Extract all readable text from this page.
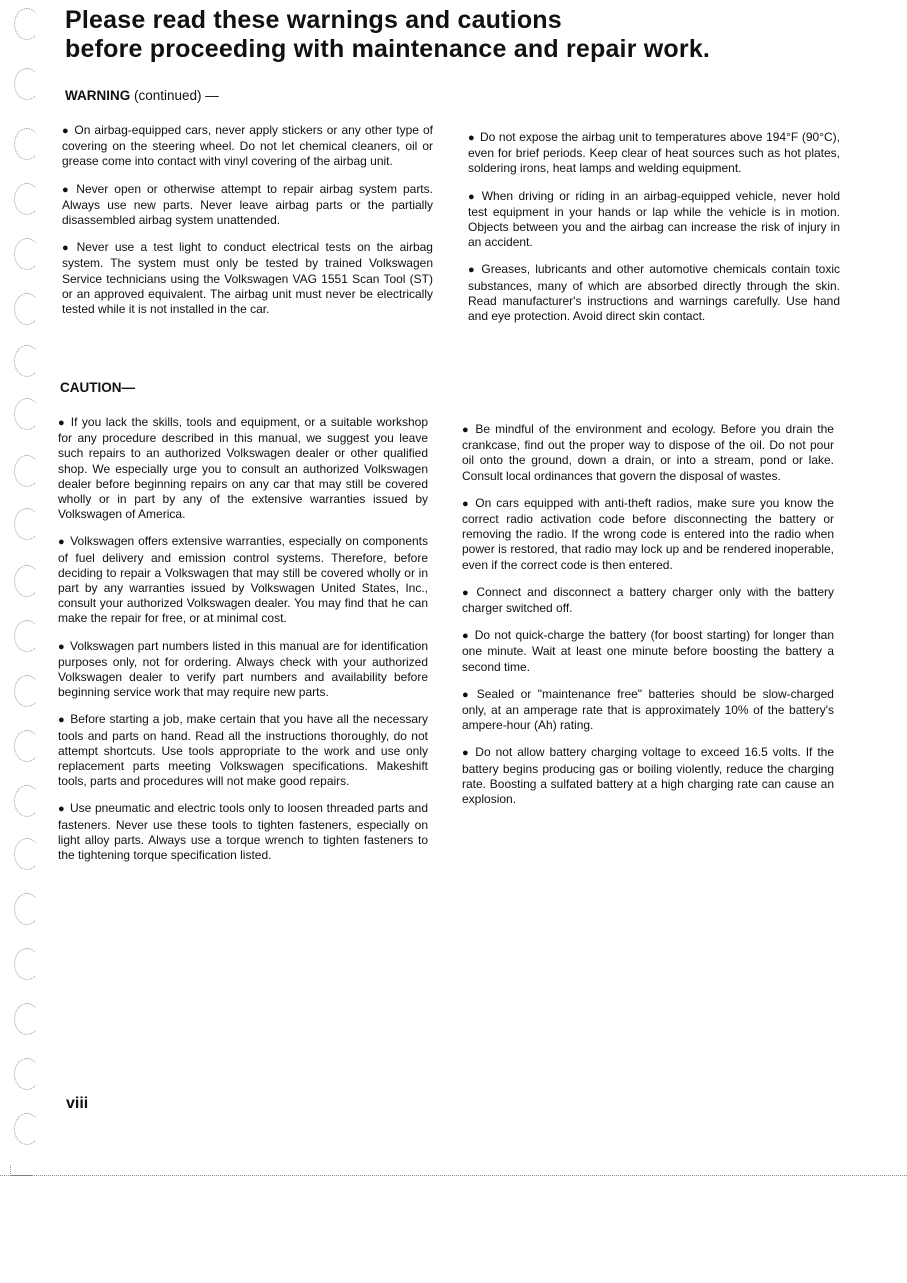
Please read these warnings and cautions
before proceeding with maintenance and repair work.
WARNING (continued) —

● On airbag-equipped cars, never apply stickers or any other type of covering on the steering wheel. Do not let chemical cleaners, oil or grease come into contact with vinyl covering of the airbag unit.

● Never open or otherwise attempt to repair airbag system parts. Always use new parts. Never leave airbag parts or the partially disassembled airbag system unattended.

● Never use a test light to conduct electrical tests on the airbag system. The system must only be tested by trained Volkswagen Service technicians using the Volkswagen VAG 1551 Scan Tool (ST) or an approved equivalent. The airbag unit must never be electrically tested while it is not installed in the car.

● Do not expose the airbag unit to temperatures above 194°F (90°C), even for brief periods. Keep clear of heat sources such as hot plates, soldering irons, heat lamps and welding equipment.

● When driving or riding in an airbag-equipped vehicle, never hold test equipment in your hands or lap while the vehicle is in motion. Objects between you and the airbag can increase the risk of injury in an accident.

● Greases, lubricants and other automotive chemicals contain toxic substances, many of which are absorbed directly through the skin. Read manufacturer's instructions and warnings carefully. Use hand and eye protection. Avoid direct skin contact.

CAUTION—

● If you lack the skills, tools and equipment, or a suitable workshop for any procedure described in this manual, we suggest you leave such repairs to an authorized Volkswagen dealer or other qualified shop. We especially urge you to consult an authorized Volkswagen dealer before beginning repairs on any car that may still be covered wholly or in part by any of the extensive warranties issued by Volkswagen of America.

● Volkswagen offers extensive warranties, especially on components of fuel delivery and emission control systems. Therefore, before deciding to repair a Volkswagen that may still be covered wholly or in part by any warranties issued by Volkswagen United States, Inc., consult your authorized Volkswagen dealer. You may find that he can make the repair for free, or at minimal cost.

● Volkswagen part numbers listed in this manual are for identification purposes only, not for ordering. Always check with your authorized Volkswagen dealer to verify part numbers and availability before beginning service work that may require new parts.

● Before starting a job, make certain that you have all the necessary tools and parts on hand. Read all the instructions thoroughly, do not attempt shortcuts. Use tools appropriate to the work and use only replacement parts meeting Volkswagen specifications. Makeshift tools, parts and procedures will not make good repairs.

● Use pneumatic and electric tools only to loosen threaded parts and fasteners. Never use these tools to tighten fasteners, especially on light alloy parts. Always use a torque wrench to tighten fasteners to the tightening torque specification listed.

● Be mindful of the environment and ecology. Before you drain the crankcase, find out the proper way to dispose of the oil. Do not pour oil onto the ground, down a drain, or into a stream, pond or lake. Consult local ordinances that govern the disposal of wastes.

● On cars equipped with anti-theft radios, make sure you know the correct radio activation code before disconnecting the battery or removing the radio. If the wrong code is entered into the radio when power is restored, that radio may lock up and be rendered inoperable, even if the correct code is then entered.

● Connect and disconnect a battery charger only with the battery charger switched off.

● Do not quick-charge the battery (for boost starting) for longer than one minute. Wait at least one minute before boosting the battery a second time.

● Sealed or "maintenance free" batteries should be slow-charged only, at an amperage rate that is approximately 10% of the battery's ampere-hour (Ah) rating.

● Do not allow battery charging voltage to exceed 16.5 volts. If the battery begins producing gas or boiling violently, reduce the charging rate. Boosting a sulfated battery at a high charging rate can cause an explosion.

viii
